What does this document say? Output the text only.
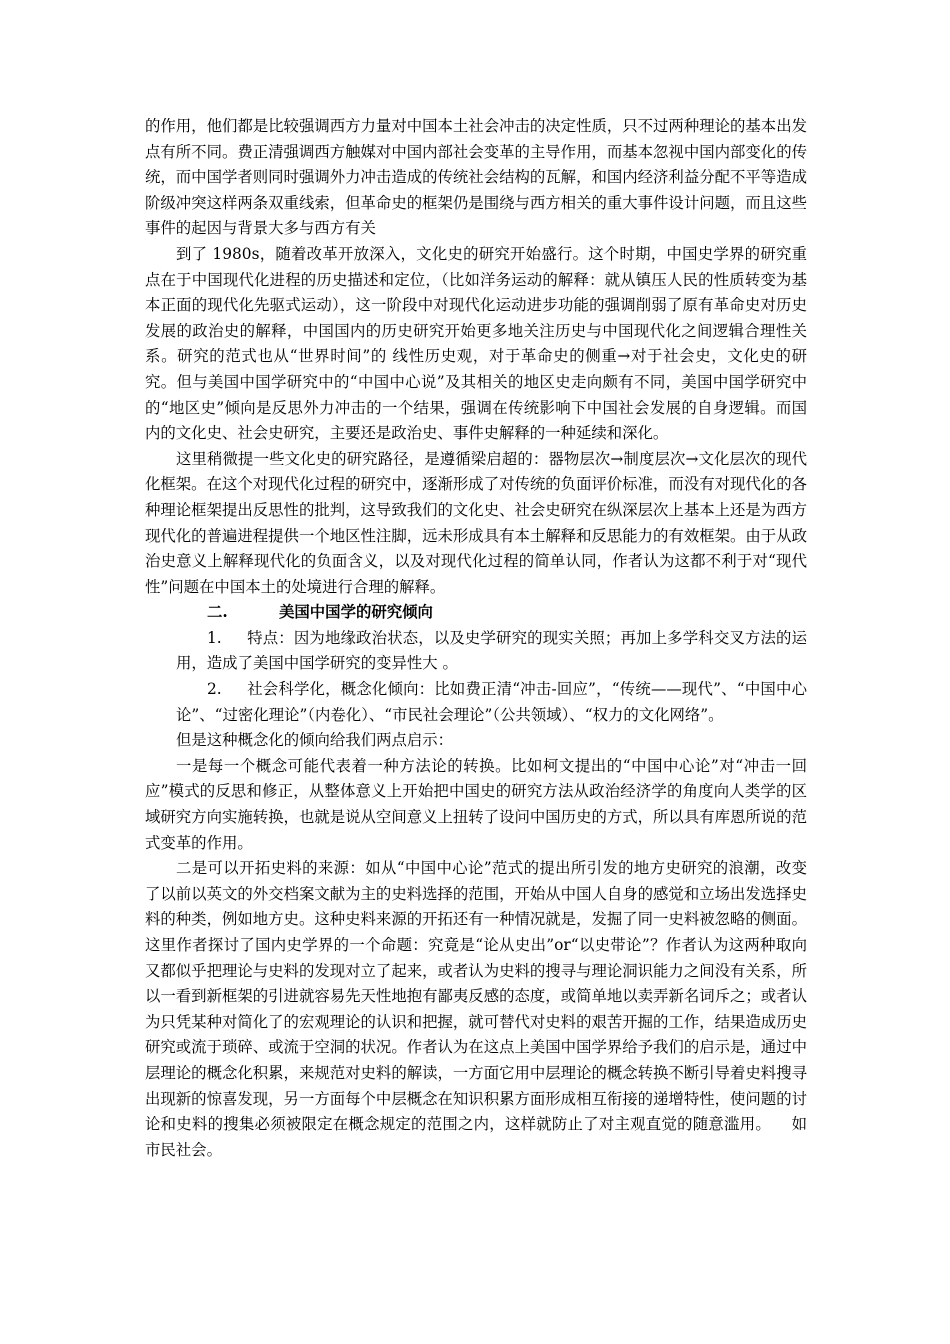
的作用，他们都是比较强调西方力量对中国本土社会冲击的决定性质，只不过两种理论的基本出发点有所不同。费正清强调西方触媒对中国内部社会变革的主导作用，而基本忽视中国内部变化的传统，而中国学者则同时强调外力冲击造成的传统社会结构的瓦解，和国内经济利益分配不平等造成阶级冲突这样两条双重线索，但革命史的框架仍是围绕与西方相关的重大事件设计问题，而且这些事件的起因与背景大多与西方有关

到了 1980s，随着改革开放深入，文化史的研究开始盛行。这个时期，中国史学界的研究重点在于中国现代化进程的历史描述和定位，（比如洋务运动的解释：就从镇压人民的性质转变为基本正面的现代化先驱式运动），这一阶段中对现代化运动进步功能的强调削弱了原有革命史对历史发展的政治史的解释，中国国内的历史研究开始更多地关注历史与中国现代化之间逻辑合理性关系。研究的范式也从“世界时间”的 线性历史观，对于革命史的侧重→对于社会史，文化史的研究。但与美国中国学研究中的“中国中心说”及其相关的地区史走向颇有不同，美国中国学研究中的“地区史”倾向是反思外力冲击的一个结果，强调在传统影响下中国社会发展的自身逻辑。而国内的文化史、社会史研究，主要还是政治史、事件史解释的一种延续和深化。

这里稍微提一些文化史的研究路径，是遵循梁启超的：器物层次→制度层次→文化层次的现代化框架。在这个对现代化过程的研究中，逐渐形成了对传统的负面评价标准，而没有对现代化的各种理论框架提出反思性的批判，这导致我们的文化史、社会史研究在纵深层次上基本上还是为西方现代化的普遍进程提供一个地区性注脚，远未形成具有本土解释和反思能力的有效框架。由于从政治史意义上解释现代化的负面含义，以及对现代化过程的简单认同，作者认为这都不利于对“现代性”问题在中国本土的处境进行合理的解释。

二.	美国中国学的研究倾向

1. 特点：因为地缘政治状态，以及史学研究的现实关照；再加上多学科交叉方法的运用，造成了美国中国学研究的变异性大 。

2. 社会科学化，概念化倾向：比如费正清“冲击-回应”，“传统——现代”、“中国中心论”、“过密化理论”（内卷化）、“市民社会理论”（公共领域）、“权力的文化网络”。

但是这种概念化的倾向给我们两点启示：

一是每一个概念可能代表着一种方法论的转换。比如柯文提出的“中国中心论”对“冲击一回应”模式的反思和修正，从整体意义上开始把中国史的研究方法从政治经济学的角度向人类学的区域研究方向实施转换，也就是说从空间意义上扭转了设问中国历史的方式，所以具有库恩所说的范式变革的作用。

二是可以开拓史料的来源：如从“中国中心论”范式的提出所引发的地方史研究的浪潮，改变了以前以英文的外交档案文献为主的史料选择的范围，开始从中国人自身的感觉和立场出发选择史料的种类，例如地方史。这种史料来源的开拓还有一种情况就是，发掘了同一史料被忽略的侧面。这里作者探讨了国内史学界的一个命题：究竟是“论从史出”or“以史带论”？作者认为这两种取向又都似乎把理论与史料的发现对立了起来，或者认为史料的搜寻与理论洞识能力之间没有关系，所以一看到新框架的引进就容易先天性地抱有鄙夷反感的态度，或简单地以卖弄新名词斥之；或者认为只凭某种对简化了的宏观理论的认识和把握，就可替代对史料的艰苦开掘的工作，结果造成历史研究或流于琐碎、或流于空洞的状况。作者认为在这点上美国中国学界给予我们的启示是，通过中层理论的概念化积累，来规范对史料的解读，一方面它用中层理论的概念转换不断引导着史料搜寻出现新的惊喜发现，另一方面每个中层概念在知识积累方面形成相互衔接的递增特性，使问题的讨论和史料的搜集必须被限定在概念规定的范围之内，这样就防止了对主观直觉的随意滥用。    如市民社会。
